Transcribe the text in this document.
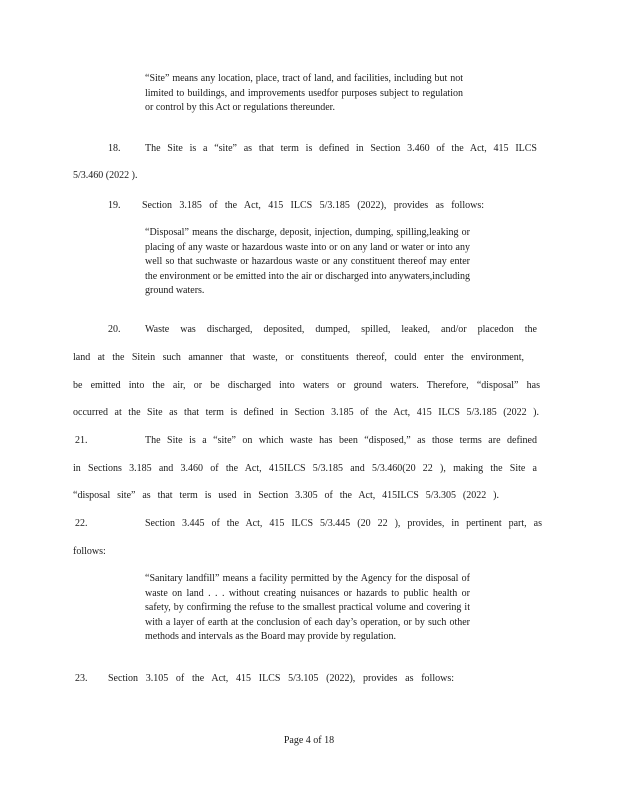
“Site” means any location, place, tract of land, and facilities, including but not limited to buildings, and improvements usedfor purposes subject to regulation or control by this Act or regulations thereunder.
18. The Site is a “site” as that term is defined in Section 3.460 of the Act, 415 ILCS
5/3.460 (2022 ).
19. Section 3.185 of the Act, 415 ILCS 5/3.185 (2022), provides as follows:
“Disposal” means the discharge, deposit, injection, dumping, spilling,leaking or placing of any waste or hazardous waste into or on any land or water or into any well so that suchwaste or hazardous waste or any constituent thereof may enter the environment or be emitted into the air or discharged into anywaters,including ground waters.
20. Waste was discharged, deposited, dumped, spilled, leaked, and/or placedon the
land at the Sitein such amanner that waste, or constituents thereof, could enter the environment,
be emitted into the air, or be discharged into waters or ground waters. Therefore, “disposal” has
occurred at the Site as that term is defined in Section 3.185 of the Act, 415 ILCS 5/3.185 (2022 ).
21.	The Site is a “site” on which waste has been “disposed,” as those terms are defined
in Sections 3.185 and 3.460 of the Act, 415ILCS 5/3.185 and 5/3.460(20 22 ), making the Site a
“disposal site” as that term is used in Section 3.305 of the Act, 415ILCS 5/3.305 (2022 ).
22.	Section 3.445 of the Act, 415 ILCS 5/3.445 (20 22 ), provides, in pertinent part, as
follows:
“Sanitary landfill” means a facility permitted by the Agency for the disposal of waste on land . . . without creating nuisances or hazards to public health or safety, by confirming the refuse to the smallest practical volume and covering it with a layer of earth at the conclusion of each day’s operation, or by such other methods and intervals as the Board may provide by regulation.
23. Section 3.105 of the Act, 415 ILCS 5/3.105 (2022), provides as follows:
Page 4 of 18
